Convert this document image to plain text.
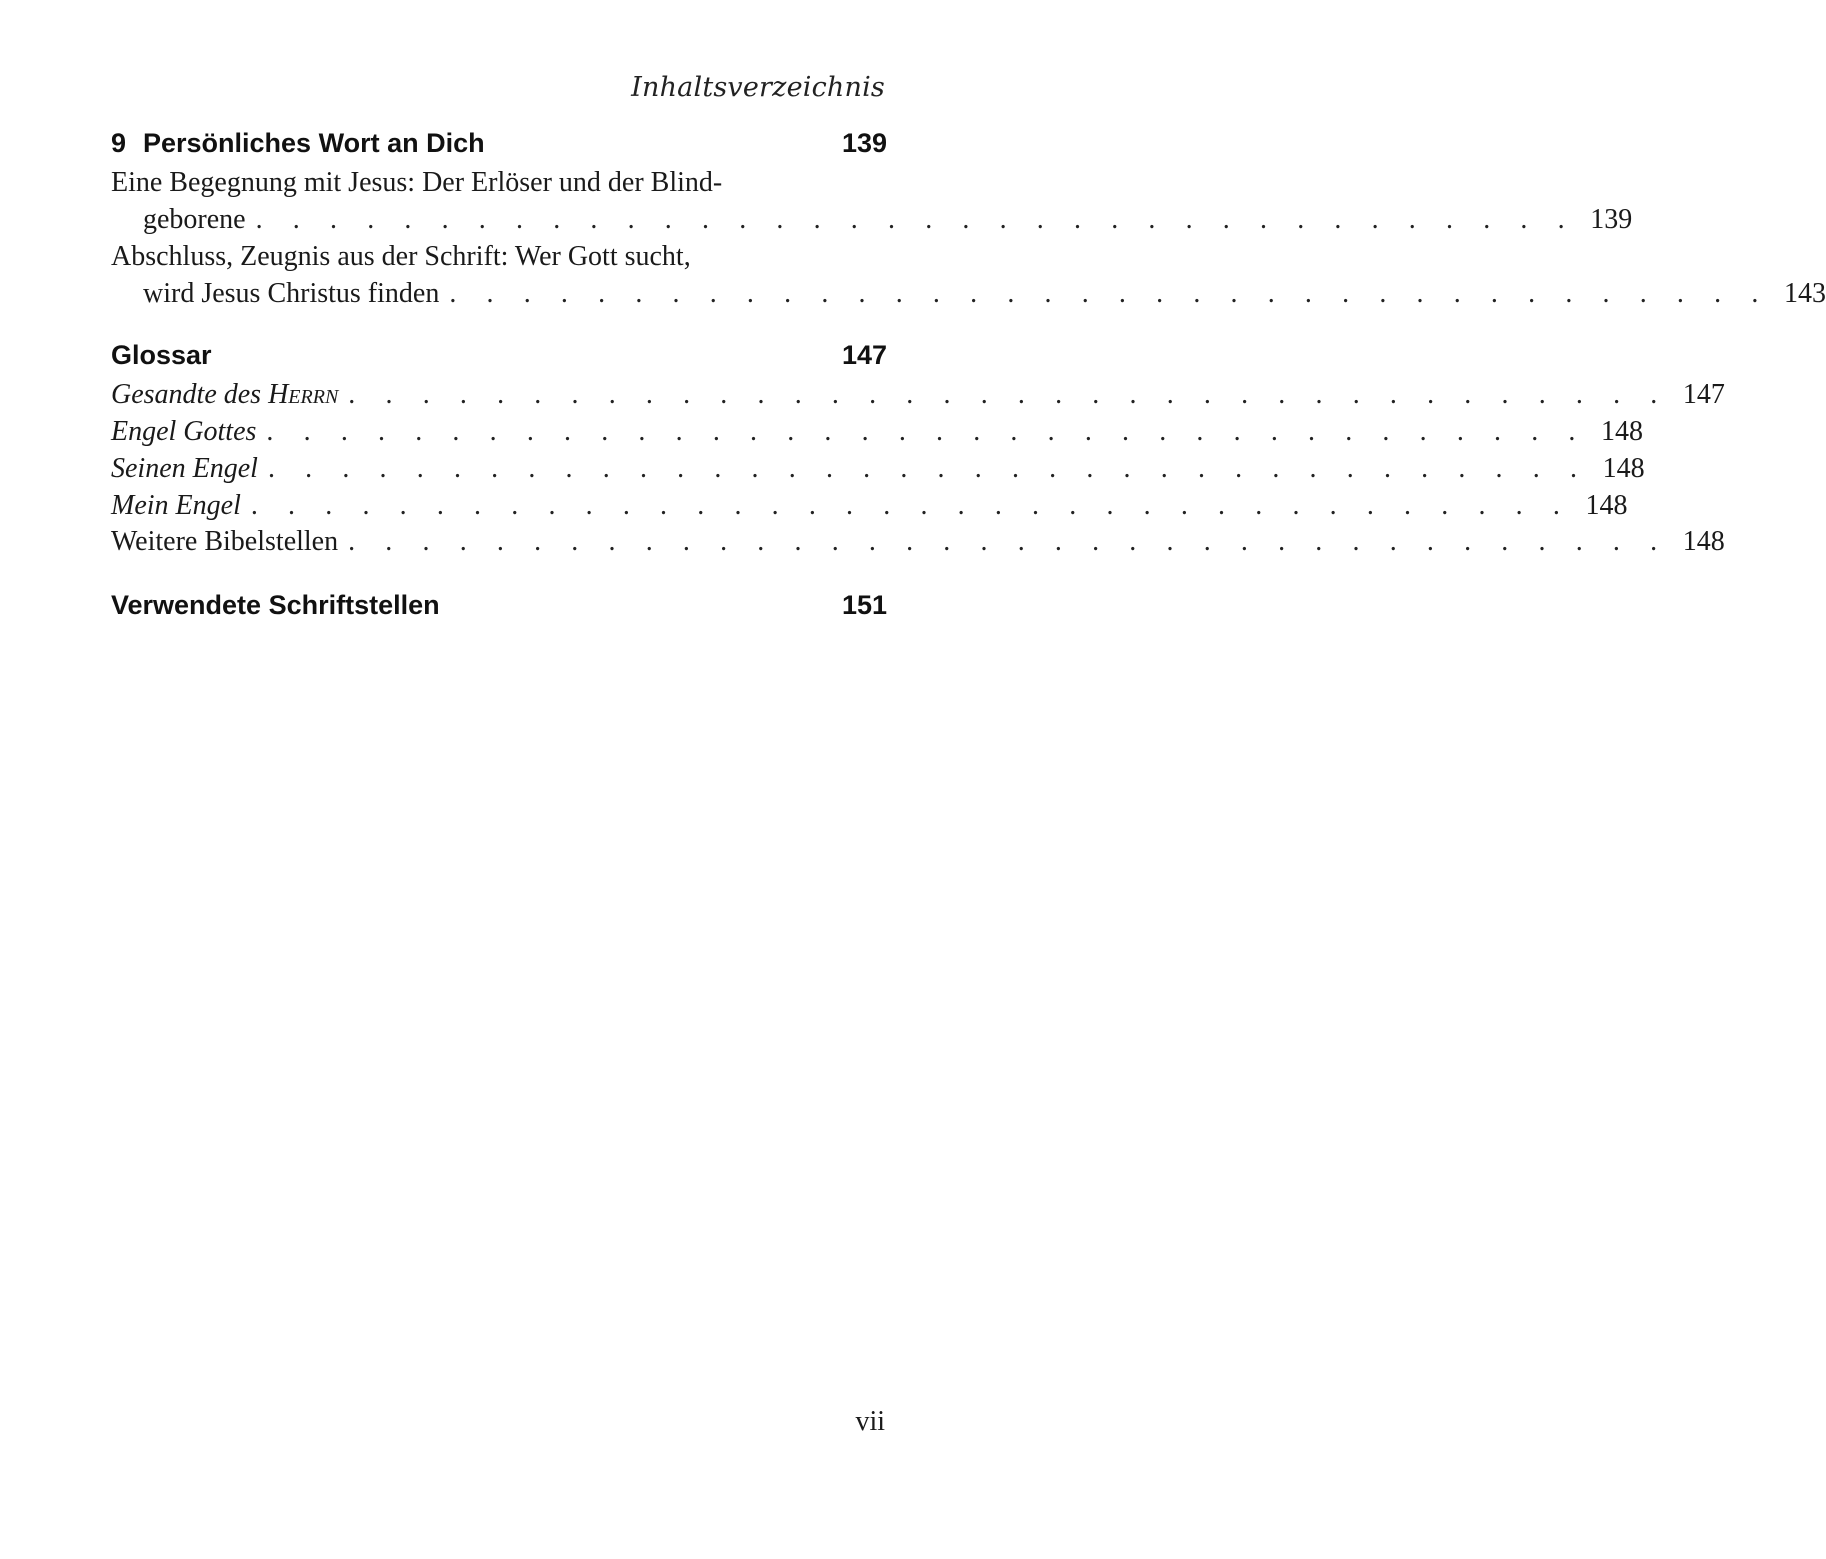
Inhaltsverzeichnis
9 Persönliches Wort an Dich	139
Eine Begegnung mit Jesus: Der Erlöser und der Blind-
geborene . . . . . . . . . . . . . . . . . . . . . . . . . . . . . . . . . . . . 139
Abschluss, Zeugnis aus der Schrift: Wer Gott sucht,
wird Jesus Christus finden . . . . . . . . . . . . . . . . . . . . . . . . . . . . . . . . . . . . 143
Glossar	147
Gesandte des Herrn . . . . . . . . . . . . . . . . . . . . . . . . . . . . . . . . . . . . 147
Engel Gottes . . . . . . . . . . . . . . . . . . . . . . . . . . . . . . . . . . . . 148
Seinen Engel . . . . . . . . . . . . . . . . . . . . . . . . . . . . . . . . . . . . 148
Mein Engel . . . . . . . . . . . . . . . . . . . . . . . . . . . . . . . . . . . . 148
Weitere Bibelstellen . . . . . . . . . . . . . . . . . . . . . . . . . . . . . . . . . . . . 148
Verwendete Schriftstellen	151
vii
